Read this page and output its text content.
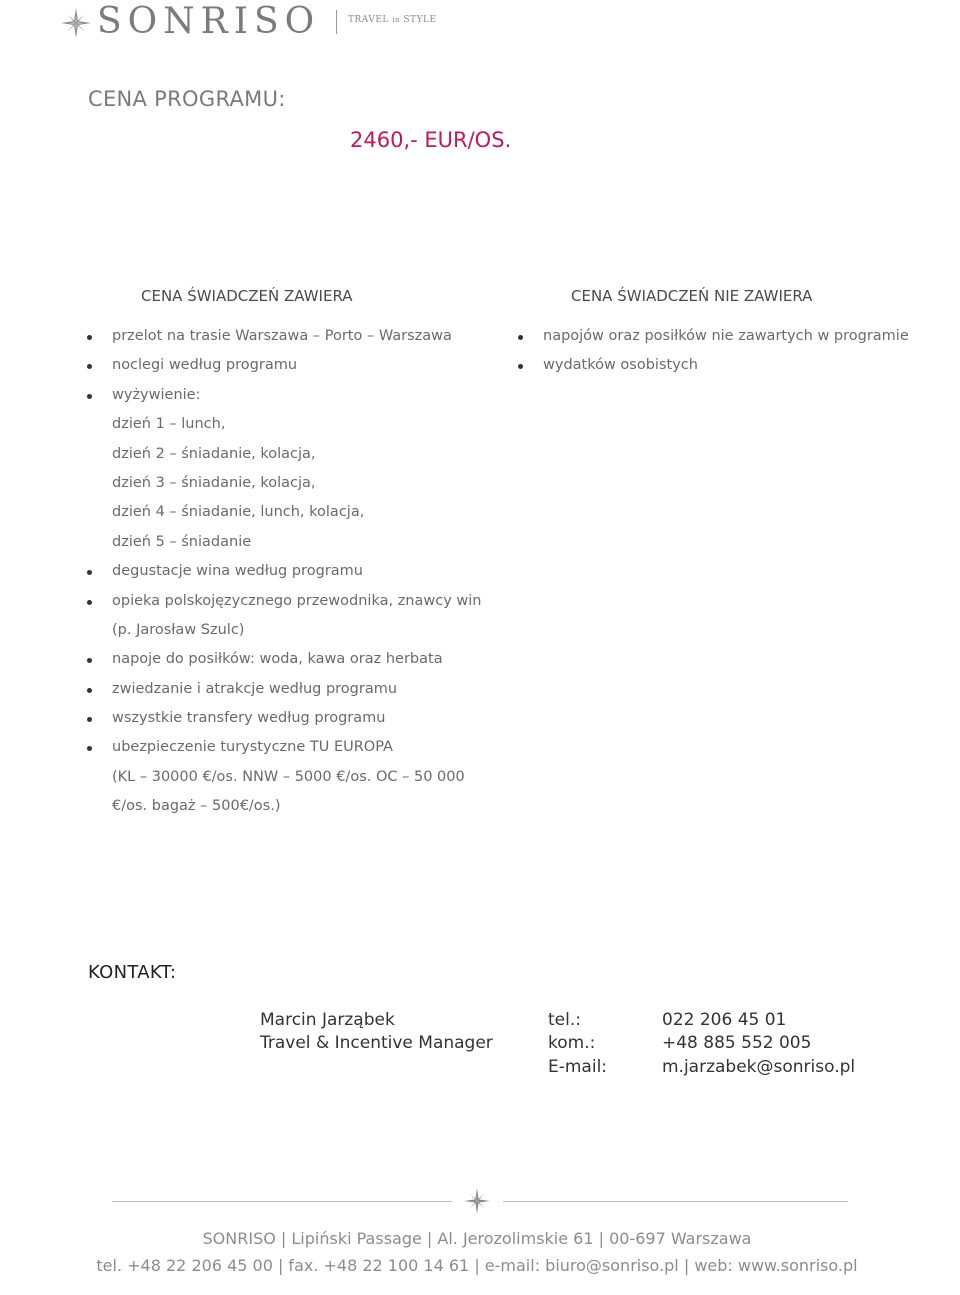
SONRISO	TRAVEL in STYLE
CENA PROGRAMU:
2460,- EUR/OS.
CENA ŚWIADCZEŃ ZAWIERA
przelot na trasie Warszawa – Porto – Warszawa
noclegi według programu
wyżywienie:
dzień 1 – lunch,
dzień 2 – śniadanie, kolacja,
dzień 3 – śniadanie, kolacja,
dzień 4 – śniadanie, lunch, kolacja,
dzień 5 – śniadanie
degustacje wina według programu
opieka polskojęzycznego przewodnika, znawcy win
(p. Jarosław Szulc)
napoje do posiłków: woda, kawa oraz herbata
zwiedzanie i atrakcje według programu
wszystkie transfery według programu
ubezpieczenie turystyczne TU EUROPA
(KL – 30000 €/os. NNW – 5000 €/os. OC – 50 000
€/os. bagaż – 500€/os.)
CENA ŚWIADCZEŃ NIE ZAWIERA
napojów oraz posiłków nie zawartych w programie
wydatków osobistych
KONTAKT:
Marcin Jarząbek
Travel & Incentive Manager
tel.:	022 206 45 01
kom.:	+48 885 552 005
E-mail:	m.jarzabek@sonriso.pl
SONRISO | Lipiński Passage | Al. Jerozolimskie 61 | 00-697 Warszawa
tel. +48 22 206 45 00 | fax. +48 22 100 14 61 | e-mail: biuro@sonriso.pl | web: www.sonriso.pl
